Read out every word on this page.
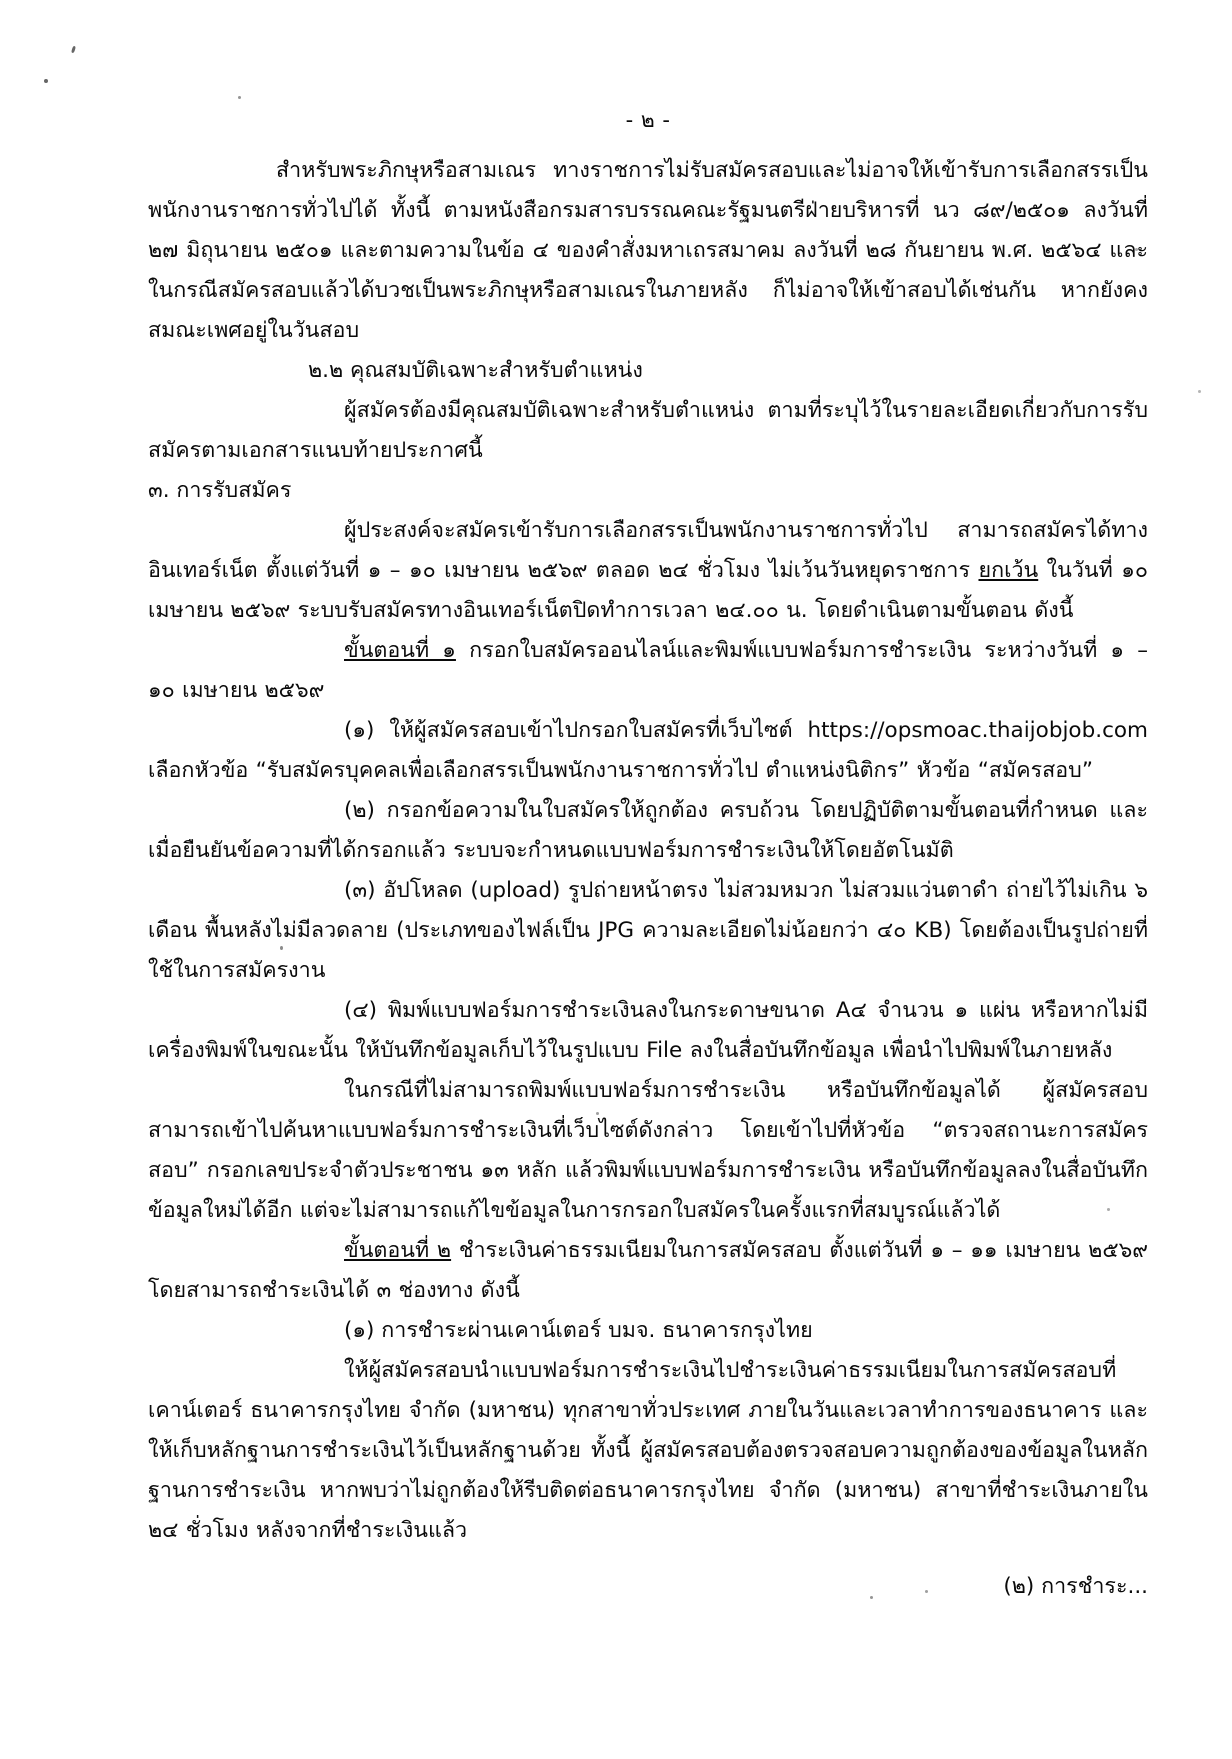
- ๒ -

สำหรับพระภิกษุหรือสามเณร ทางราชการไม่รับสมัครสอบและไม่อาจให้เข้ารับการเลือกสรรเป็นพนักงานราชการทั่วไปได้ ทั้งนี้ ตามหนังสือกรมสารบรรณคณะรัฐมนตรีฝ่ายบริหารที่ นว ๘๙/๒๕๐๑ ลงวันที่ ๒๗ มิถุนายน ๒๕๐๑ และตามความในข้อ ๔ ของคำสั่งมหาเถรสมาคม ลงวันที่ ๒๘ กันยายน พ.ศ. ๒๕๖๔ และในกรณีสมัครสอบแล้วได้บวชเป็นพระภิกษุหรือสามเณรในภายหลัง ก็ไม่อาจให้เข้าสอบได้เช่นกัน หากยังคงสมณะเพศอยู่ในวันสอบ

๒.๒ คุณสมบัติเฉพาะสำหรับตำแหน่ง

ผู้สมัครต้องมีคุณสมบัติเฉพาะสำหรับตำแหน่ง ตามที่ระบุไว้ในรายละเอียดเกี่ยวกับการรับสมัครตามเอกสารแนบท้ายประกาศนี้

๓. การรับสมัคร

ผู้ประสงค์จะสมัครเข้ารับการเลือกสรรเป็นพนักงานราชการทั่วไป สามารถสมัครได้ทางอินเทอร์เน็ต ตั้งแต่วันที่ ๑ – ๑๐ เมษายน ๒๕๖๙ ตลอด ๒๔ ชั่วโมง ไม่เว้นวันหยุดราชการ ยกเว้น ในวันที่ ๑๐ เมษายน ๒๕๖๙ ระบบรับสมัครทางอินเทอร์เน็ตปิดทำการเวลา ๒๔.๐๐ น. โดยดำเนินตามขั้นตอน ดังนี้

ขั้นตอนที่ ๑ กรอกใบสมัครออนไลน์และพิมพ์แบบฟอร์มการชำระเงิน ระหว่างวันที่ ๑ – ๑๐ เมษายน ๒๕๖๙

(๑) ให้ผู้สมัครสอบเข้าไปกรอกใบสมัครที่เว็บไซต์ https://opsmoac.thaijobjob.com เลือกหัวข้อ “รับสมัครบุคคลเพื่อเลือกสรรเป็นพนักงานราชการทั่วไป ตำแหน่งนิติกร” หัวข้อ “สมัครสอบ”

(๒) กรอกข้อความในใบสมัครให้ถูกต้อง ครบถ้วน โดยปฏิบัติตามขั้นตอนที่กำหนด และเมื่อยืนยันข้อความที่ได้กรอกแล้ว ระบบจะกำหนดแบบฟอร์มการชำระเงินให้โดยอัตโนมัติ

(๓) อัปโหลด (upload) รูปถ่ายหน้าตรง ไม่สวมหมวก ไม่สวมแว่นตาดำ ถ่ายไว้ไม่เกิน ๖ เดือน พื้นหลังไม่มีลวดลาย (ประเภทของไฟล์เป็น JPG ความละเอียดไม่น้อยกว่า ๔๐ KB) โดยต้องเป็นรูปถ่ายที่ใช้ในการสมัครงาน

(๔) พิมพ์แบบฟอร์มการชำระเงินลงในกระดาษขนาด A๔ จำนวน ๑ แผ่น หรือหากไม่มีเครื่องพิมพ์ในขณะนั้น ให้บันทึกข้อมูลเก็บไว้ในรูปแบบ File ลงในสื่อบันทึกข้อมูล เพื่อนำไปพิมพ์ในภายหลัง

ในกรณีที่ไม่สามารถพิมพ์แบบฟอร์มการชำระเงิน หรือบันทึกข้อมูลได้ ผู้สมัครสอบสามารถเข้าไปค้นหาแบบฟอร์มการชำระเงินที่เว็บไซต์ดังกล่าว โดยเข้าไปที่หัวข้อ “ตรวจสถานะการสมัครสอบ” กรอกเลขประจำตัวประชาชน ๑๓ หลัก แล้วพิมพ์แบบฟอร์มการชำระเงิน หรือบันทึกข้อมูลลงในสื่อบันทึกข้อมูลใหม่ได้อีก แต่จะไม่สามารถแก้ไขข้อมูลในการกรอกใบสมัครในครั้งแรกที่สมบูรณ์แล้วได้

ขั้นตอนที่ ๒ ชำระเงินค่าธรรมเนียมในการสมัครสอบ ตั้งแต่วันที่ ๑ – ๑๑ เมษายน ๒๕๖๙ โดยสามารถชำระเงินได้ ๓ ช่องทาง ดังนี้

(๑) การชำระผ่านเคาน์เตอร์ บมจ. ธนาคารกรุงไทย

ให้ผู้สมัครสอบนำแบบฟอร์มการชำระเงินไปชำระเงินค่าธรรมเนียมในการสมัครสอบที่เคาน์เตอร์ ธนาคารกรุงไทย จำกัด (มหาชน) ทุกสาขาทั่วประเทศ ภายในวันและเวลาทำการของธนาคาร และให้เก็บหลักฐานการชำระเงินไว้เป็นหลักฐานด้วย ทั้งนี้ ผู้สมัครสอบต้องตรวจสอบความถูกต้องของข้อมูลในหลักฐานการชำระเงิน หากพบว่าไม่ถูกต้องให้รีบติดต่อธนาคารกรุงไทย จำกัด (มหาชน) สาขาที่ชำระเงินภายใน ๒๔ ชั่วโมง หลังจากที่ชำระเงินแล้ว

(๒) การชำระ...
